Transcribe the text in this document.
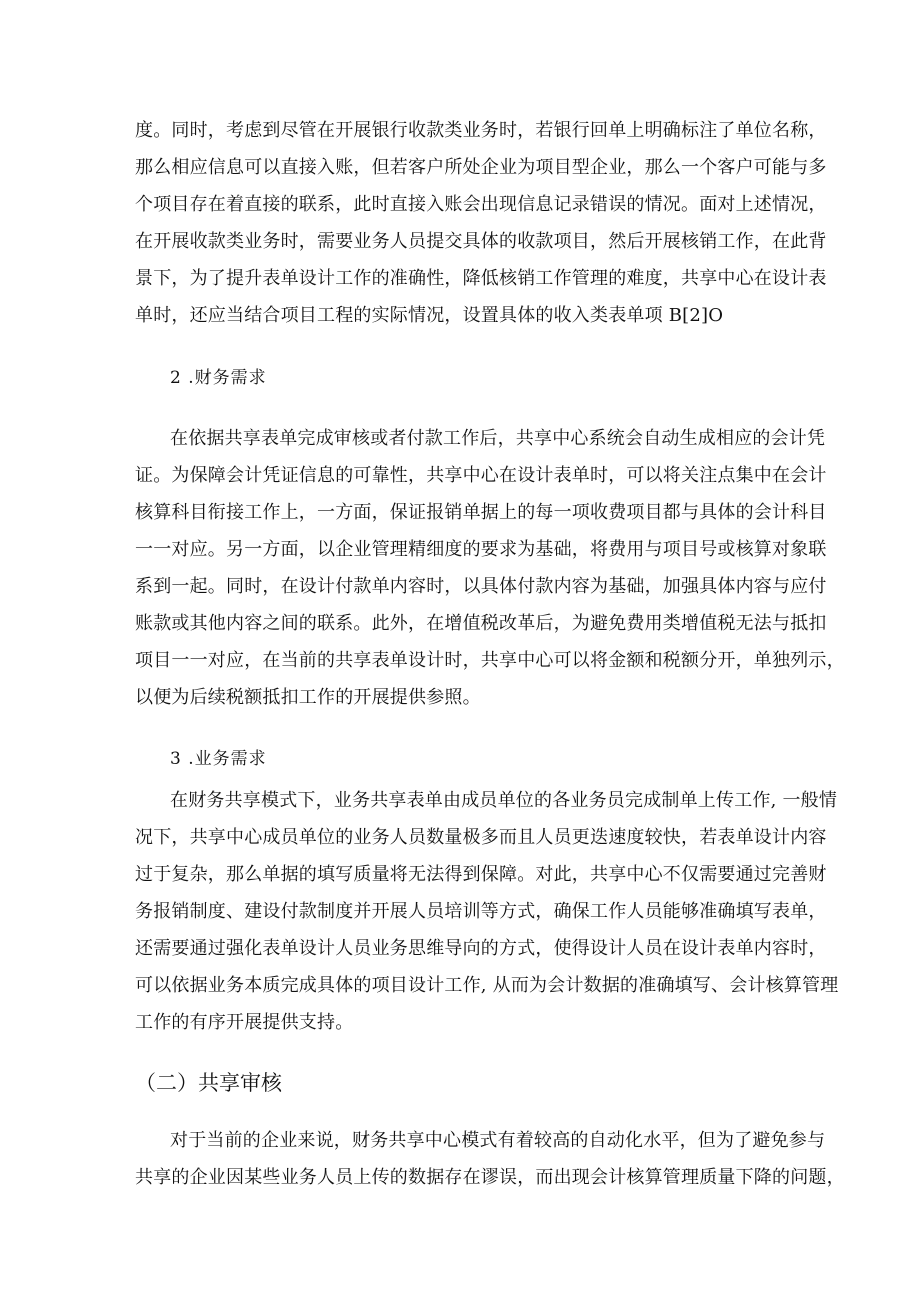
度。同时，考虑到尽管在开展银行收款类业务时，若银行回单上明确标注了单位名称，
那么相应信息可以直接入账，但若客户所处企业为项目型企业，那么一个客户可能与多
个项目存在着直接的联系，此时直接入账会出现信息记录错误的情况。面对上述情况，
在开展收款类业务时，需要业务人员提交具体的收款项目，然后开展核销工作，在此背
景下，为了提升表单设计工作的准确性，降低核销工作管理的难度，共享中心在设计表
单时，还应当结合项目工程的实际情况，设置具体的收入类表单项 B[2]O
2 .财务需求
在依据共享表单完成审核或者付款工作后，共享中心系统会自动生成相应的会计凭
证。为保障会计凭证信息的可靠性，共享中心在设计表单时，可以将关注点集中在会计
核算科目衔接工作上，一方面，保证报销单据上的每一项收费项目都与具体的会计科目
一一对应。另一方面，以企业管理精细度的要求为基础，将费用与项目号或核算对象联
系到一起。同时，在设计付款单内容时，以具体付款内容为基础，加强具体内容与应付
账款或其他内容之间的联系。此外，在增值税改革后，为避免费用类增值税无法与抵扣
项目一一对应，在当前的共享表单设计时，共享中心可以将金额和税额分开，单独列示，
以便为后续税额抵扣工作的开展提供参照。
3 .业务需求
在财务共享模式下，业务共享表单由成员单位的各业务员完成制单上传工作, 一般情
况下，共享中心成员单位的业务人员数量极多而且人员更迭速度较快，若表单设计内容
过于复杂，那么单据的填写质量将无法得到保障。对此，共享中心不仅需要通过完善财
务报销制度、建设付款制度并开展人员培训等方式，确保工作人员能够准确填写表单，
还需要通过强化表单设计人员业务思维导向的方式，使得设计人员在设计表单内容时，
可以依据业务本质完成具体的项目设计工作, 从而为会计数据的准确填写、会计核算管理
工作的有序开展提供支持。
（二）共享审核
对于当前的企业来说，财务共享中心模式有着较高的自动化水平，但为了避免参与
共享的企业因某些业务人员上传的数据存在谬误，而出现会计核算管理质量下降的问题，
